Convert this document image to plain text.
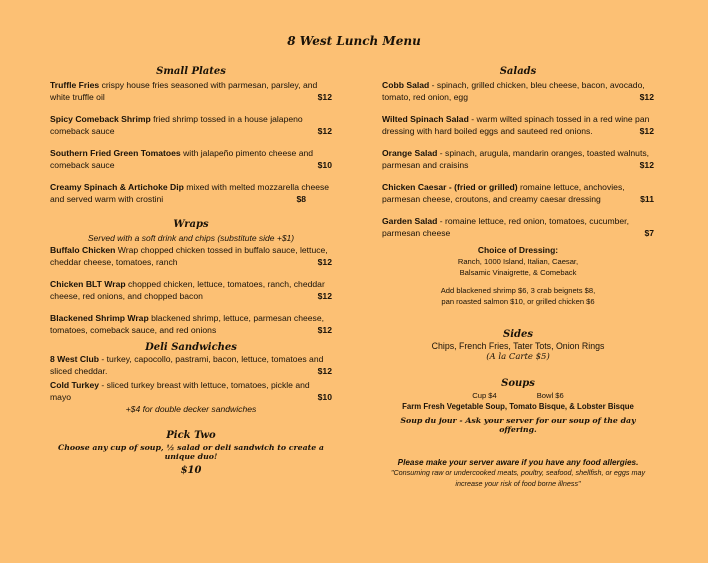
8 West Lunch Menu
Small Plates
Truffle Fries crispy house fries seasoned with parmesan, parsley, and white truffle oil	$12
Spicy Comeback Shrimp fried shrimp tossed in a house jalapeno comeback sauce	$12
Southern Fried Green Tomatoes with jalapeño pimento cheese and comeback sauce	$10
Creamy Spinach & Artichoke Dip mixed with melted mozzarella cheese and served warm with crostini	$8
Wraps
Served with a soft drink and chips (substitute side +$1)
Buffalo Chicken Wrap chopped chicken tossed in buffalo sauce, lettuce, cheddar cheese, tomatoes, ranch	$12
Chicken BLT Wrap chopped chicken, lettuce, tomatoes, ranch, cheddar cheese, red onions, and chopped bacon	$12
Blackened Shrimp Wrap blackened shrimp, lettuce, parmesan cheese, tomatoes, comeback sauce, and red onions	$12
Deli Sandwiches
8 West Club - turkey, capocollo, pastrami, bacon, lettuce, tomatoes and sliced cheddar.	$12
Cold Turkey - sliced turkey breast with lettuce, tomatoes, pickle and mayo	$10
+$4 for double decker sandwiches
Pick Two
Choose any cup of soup, ½ salad or deli sandwich to create a unique duo!
$10
Salads
Cobb Salad - spinach, grilled chicken, bleu cheese, bacon, avocado, tomato, red onion, egg	$12
Wilted Spinach Salad - warm wilted spinach tossed in a red wine pan dressing with hard boiled eggs and sauteed red onions.	$12
Orange Salad - spinach, arugula, mandarin oranges, toasted walnuts, parmesan and craisins	$12
Chicken Caesar - (fried or grilled) romaine lettuce, anchovies, parmesan cheese, croutons, and creamy caesar dressing	$11
Garden Salad - romaine lettuce, red onion, tomatoes, cucumber, parmesan cheese	$7
Choice of Dressing:
Ranch, 1000 Island, Italian, Caesar,
Balsamic Vinaigrette, & Comeback
Add blackened shrimp $6, 3 crab beignets $8,
pan roasted salmon $10, or grilled chicken $6
Sides
Chips, French Fries, Tater Tots, Onion Rings
(A la Carte $5)
Soups
Cup $4	Bowl $6
Farm Fresh Vegetable Soup, Tomato Bisque, & Lobster Bisque
Soup du jour - Ask your server for our soup of the day offering.
Please make your server aware if you have any food allergies.
"Consuming raw or undercooked meats, poultry, seafood, shellfish, or eggs may
increase your risk of food borne illness"
